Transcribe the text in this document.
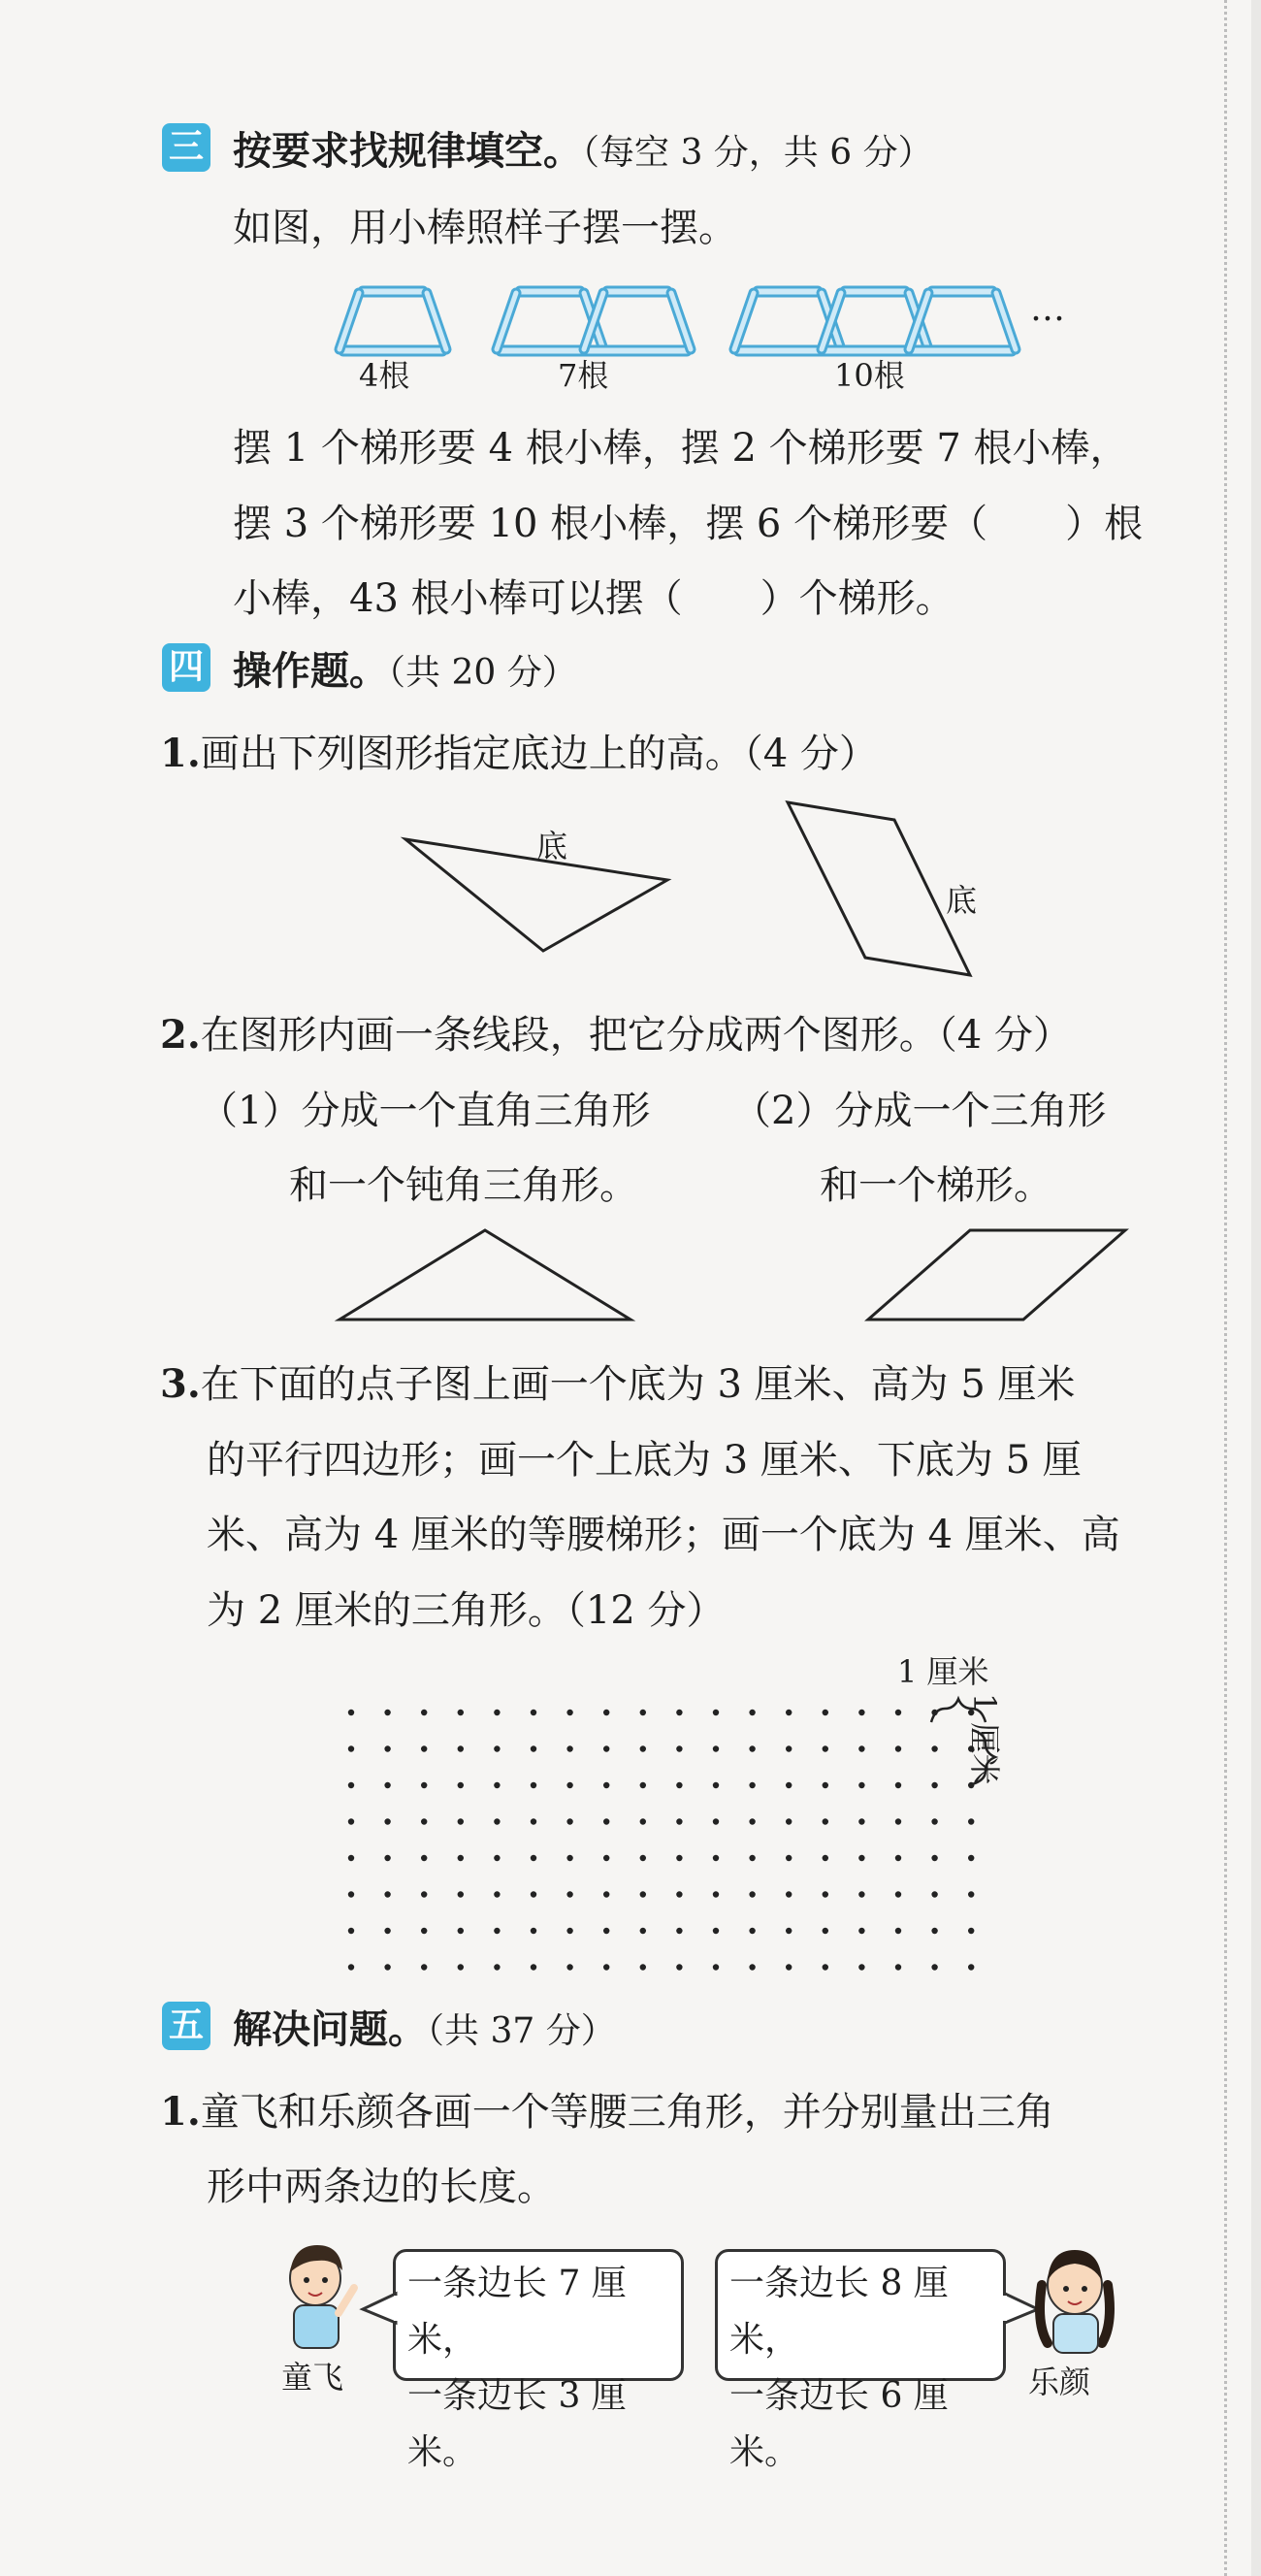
三 按要求找规律填空。（每空 3 分，共 6 分）
如图，用小棒照样子摆一摆。
…
4根	7根	10根
摆 1 个梯形要 4 根小棒，摆 2 个梯形要 7 根小棒，
摆 3 个梯形要 10 根小棒，摆 6 个梯形要（　　）根
小棒，43 根小棒可以摆（　　）个梯形。
四 操作题。（共 20 分）
1.画出下列图形指定底边上的高。（4 分）
底
底
2.在图形内画一条线段，把它分成两个图形。（4 分）
（1）分成一个直角三角形
和一个钝角三角形。
（2）分成一个三角形
和一个梯形。
3.在下面的点子图上画一个底为 3 厘米、高为 5 厘米
的平行四边形；画一个上底为 3 厘米、下底为 5 厘
米、高为 4 厘米的等腰梯形；画一个底为 4 厘米、高
为 2 厘米的三角形。（12 分）
1 厘米
1 厘米
五 解决问题。（共 37 分）
1.童飞和乐颜各画一个等腰三角形，并分别量出三角
形中两条边的长度。
童飞
一条边长 7 厘米，
一条边长 3 厘米。
一条边长 8 厘米，
一条边长 6 厘米。
乐颜
